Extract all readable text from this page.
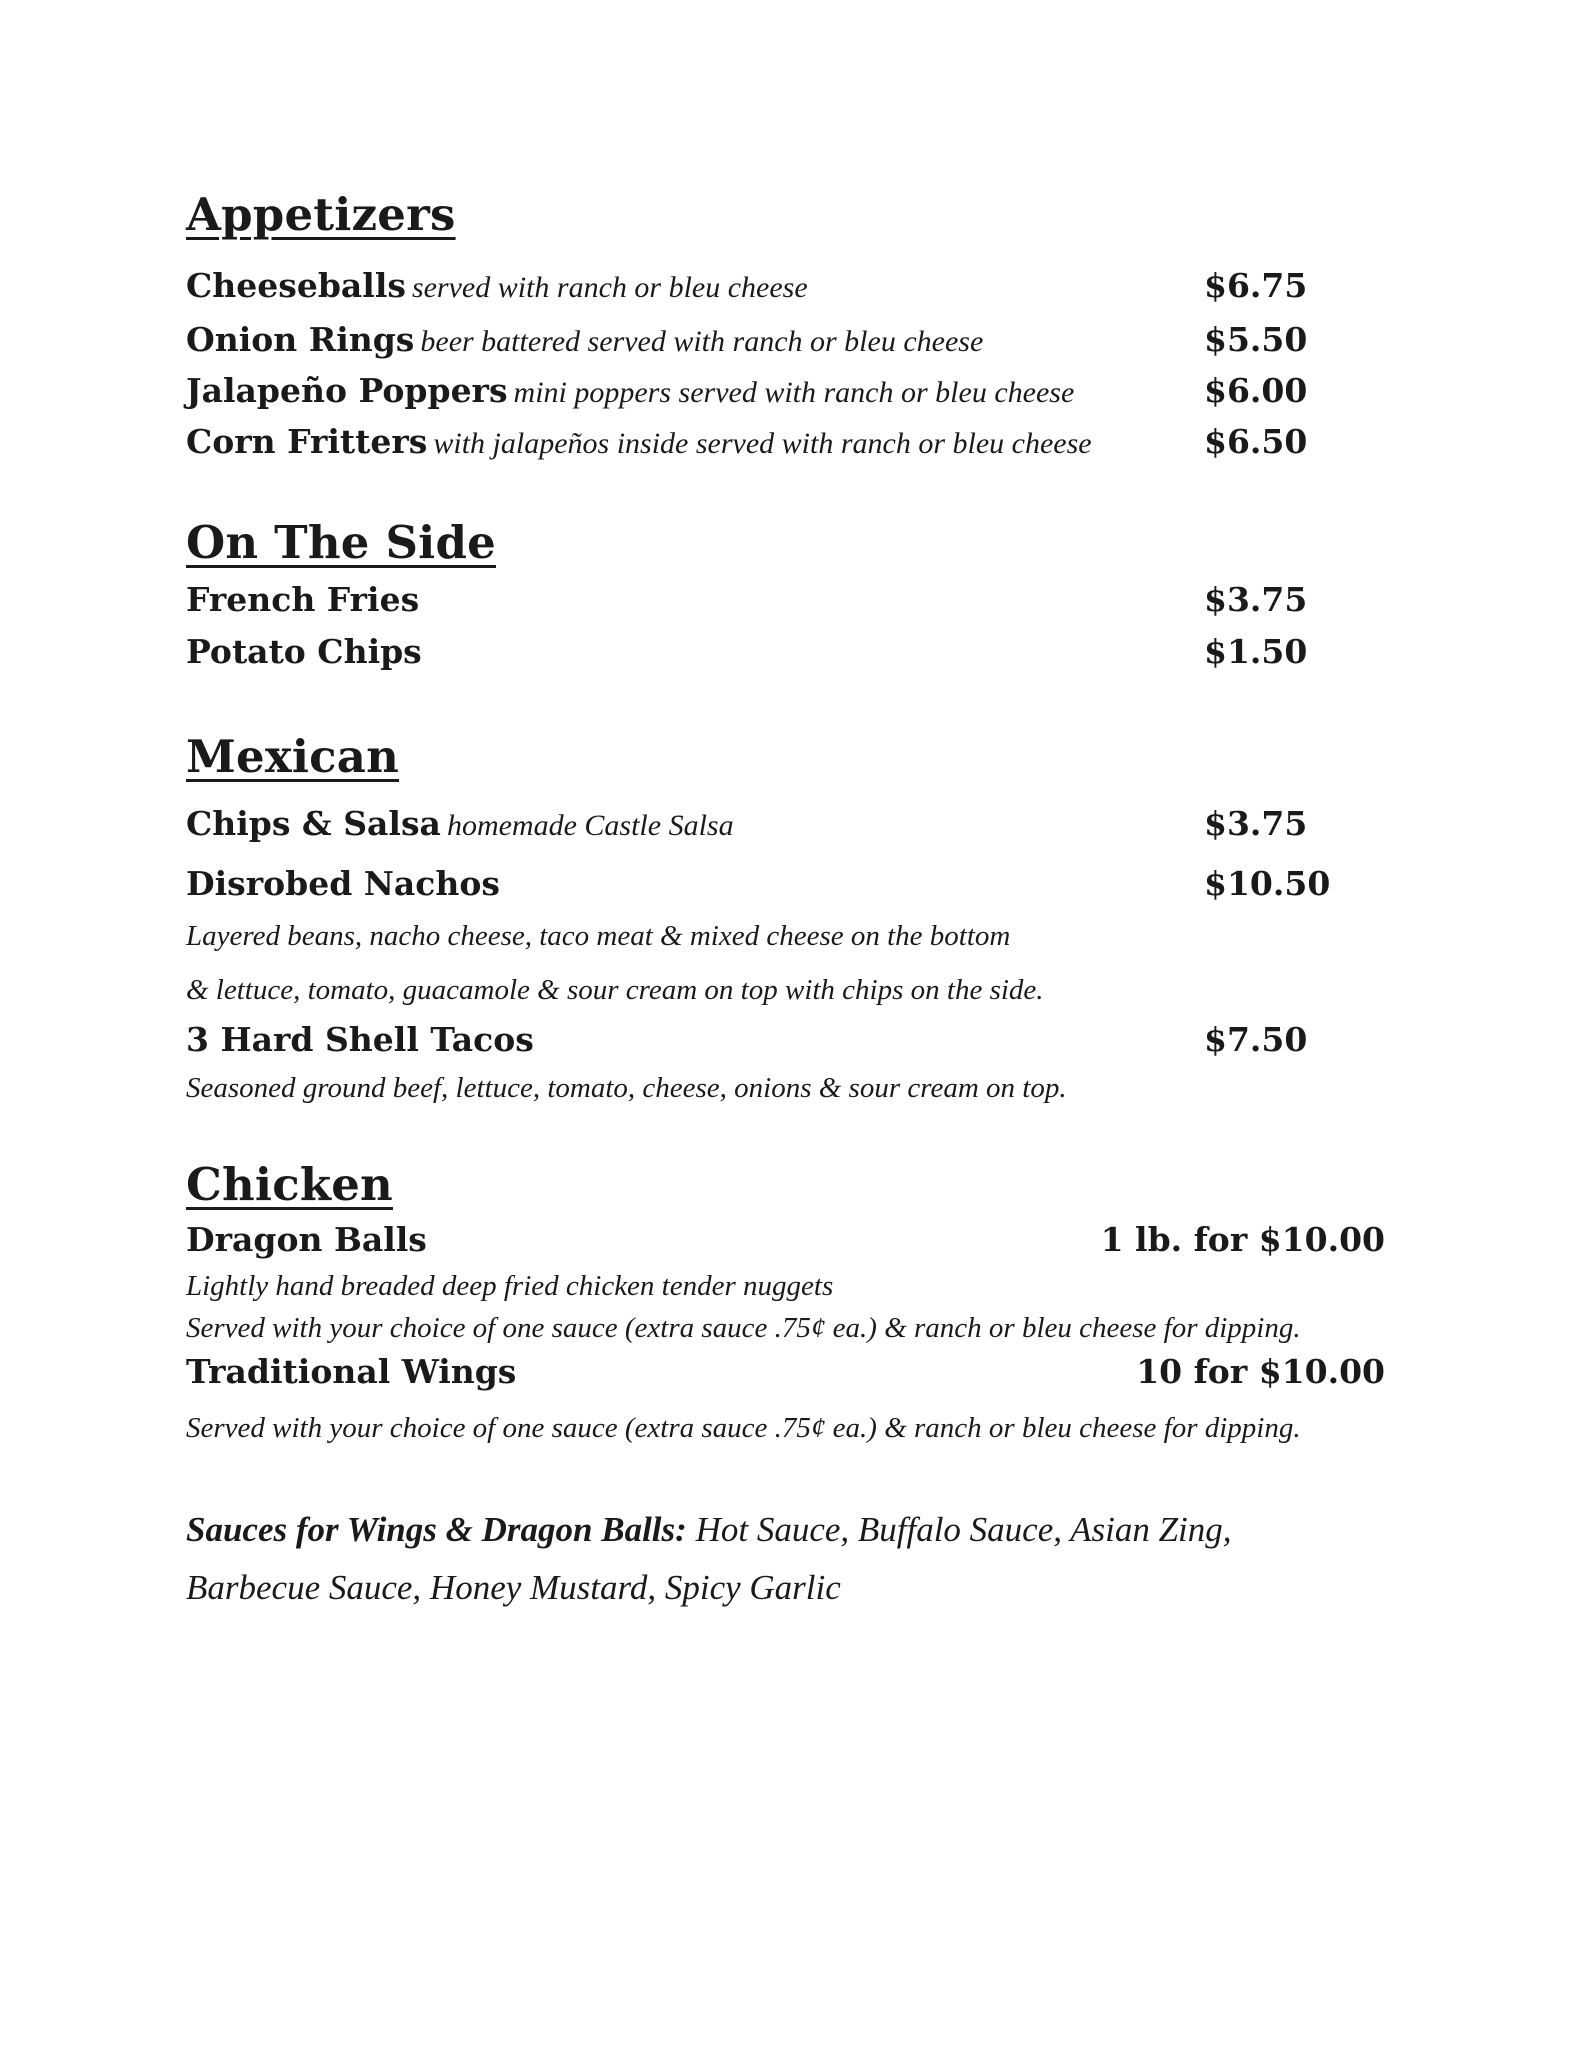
Appetizers
Cheeseballs served with ranch or bleu cheese	$6.75
Onion Rings beer battered served with ranch or bleu cheese	$5.50
Jalapeño Poppers mini poppers served with ranch or bleu cheese	$6.00
Corn Fritters with jalapeños inside served with ranch or bleu cheese	$6.50
On The Side
French Fries	$3.75
Potato Chips	$1.50
Mexican
Chips & Salsa homemade Castle Salsa	$3.75
Disrobed Nachos	$10.50
Layered beans, nacho cheese, taco meat & mixed cheese on the bottom
& lettuce, tomato, guacamole & sour cream on top with chips on the side.
3 Hard Shell Tacos	$7.50
Seasoned ground beef, lettuce, tomato, cheese, onions & sour cream on top.
Chicken
Dragon Balls	1 lb. for $10.00
Lightly hand breaded deep fried chicken tender nuggets
Served with your choice of one sauce (extra sauce .75¢ ea.) & ranch or bleu cheese for dipping.
Traditional Wings	10 for $10.00
Served with your choice of one sauce (extra sauce .75¢ ea.) & ranch or bleu cheese for dipping.
Sauces for Wings & Dragon Balls: Hot Sauce, Buffalo Sauce, Asian Zing,
Barbecue Sauce, Honey Mustard, Spicy Garlic
